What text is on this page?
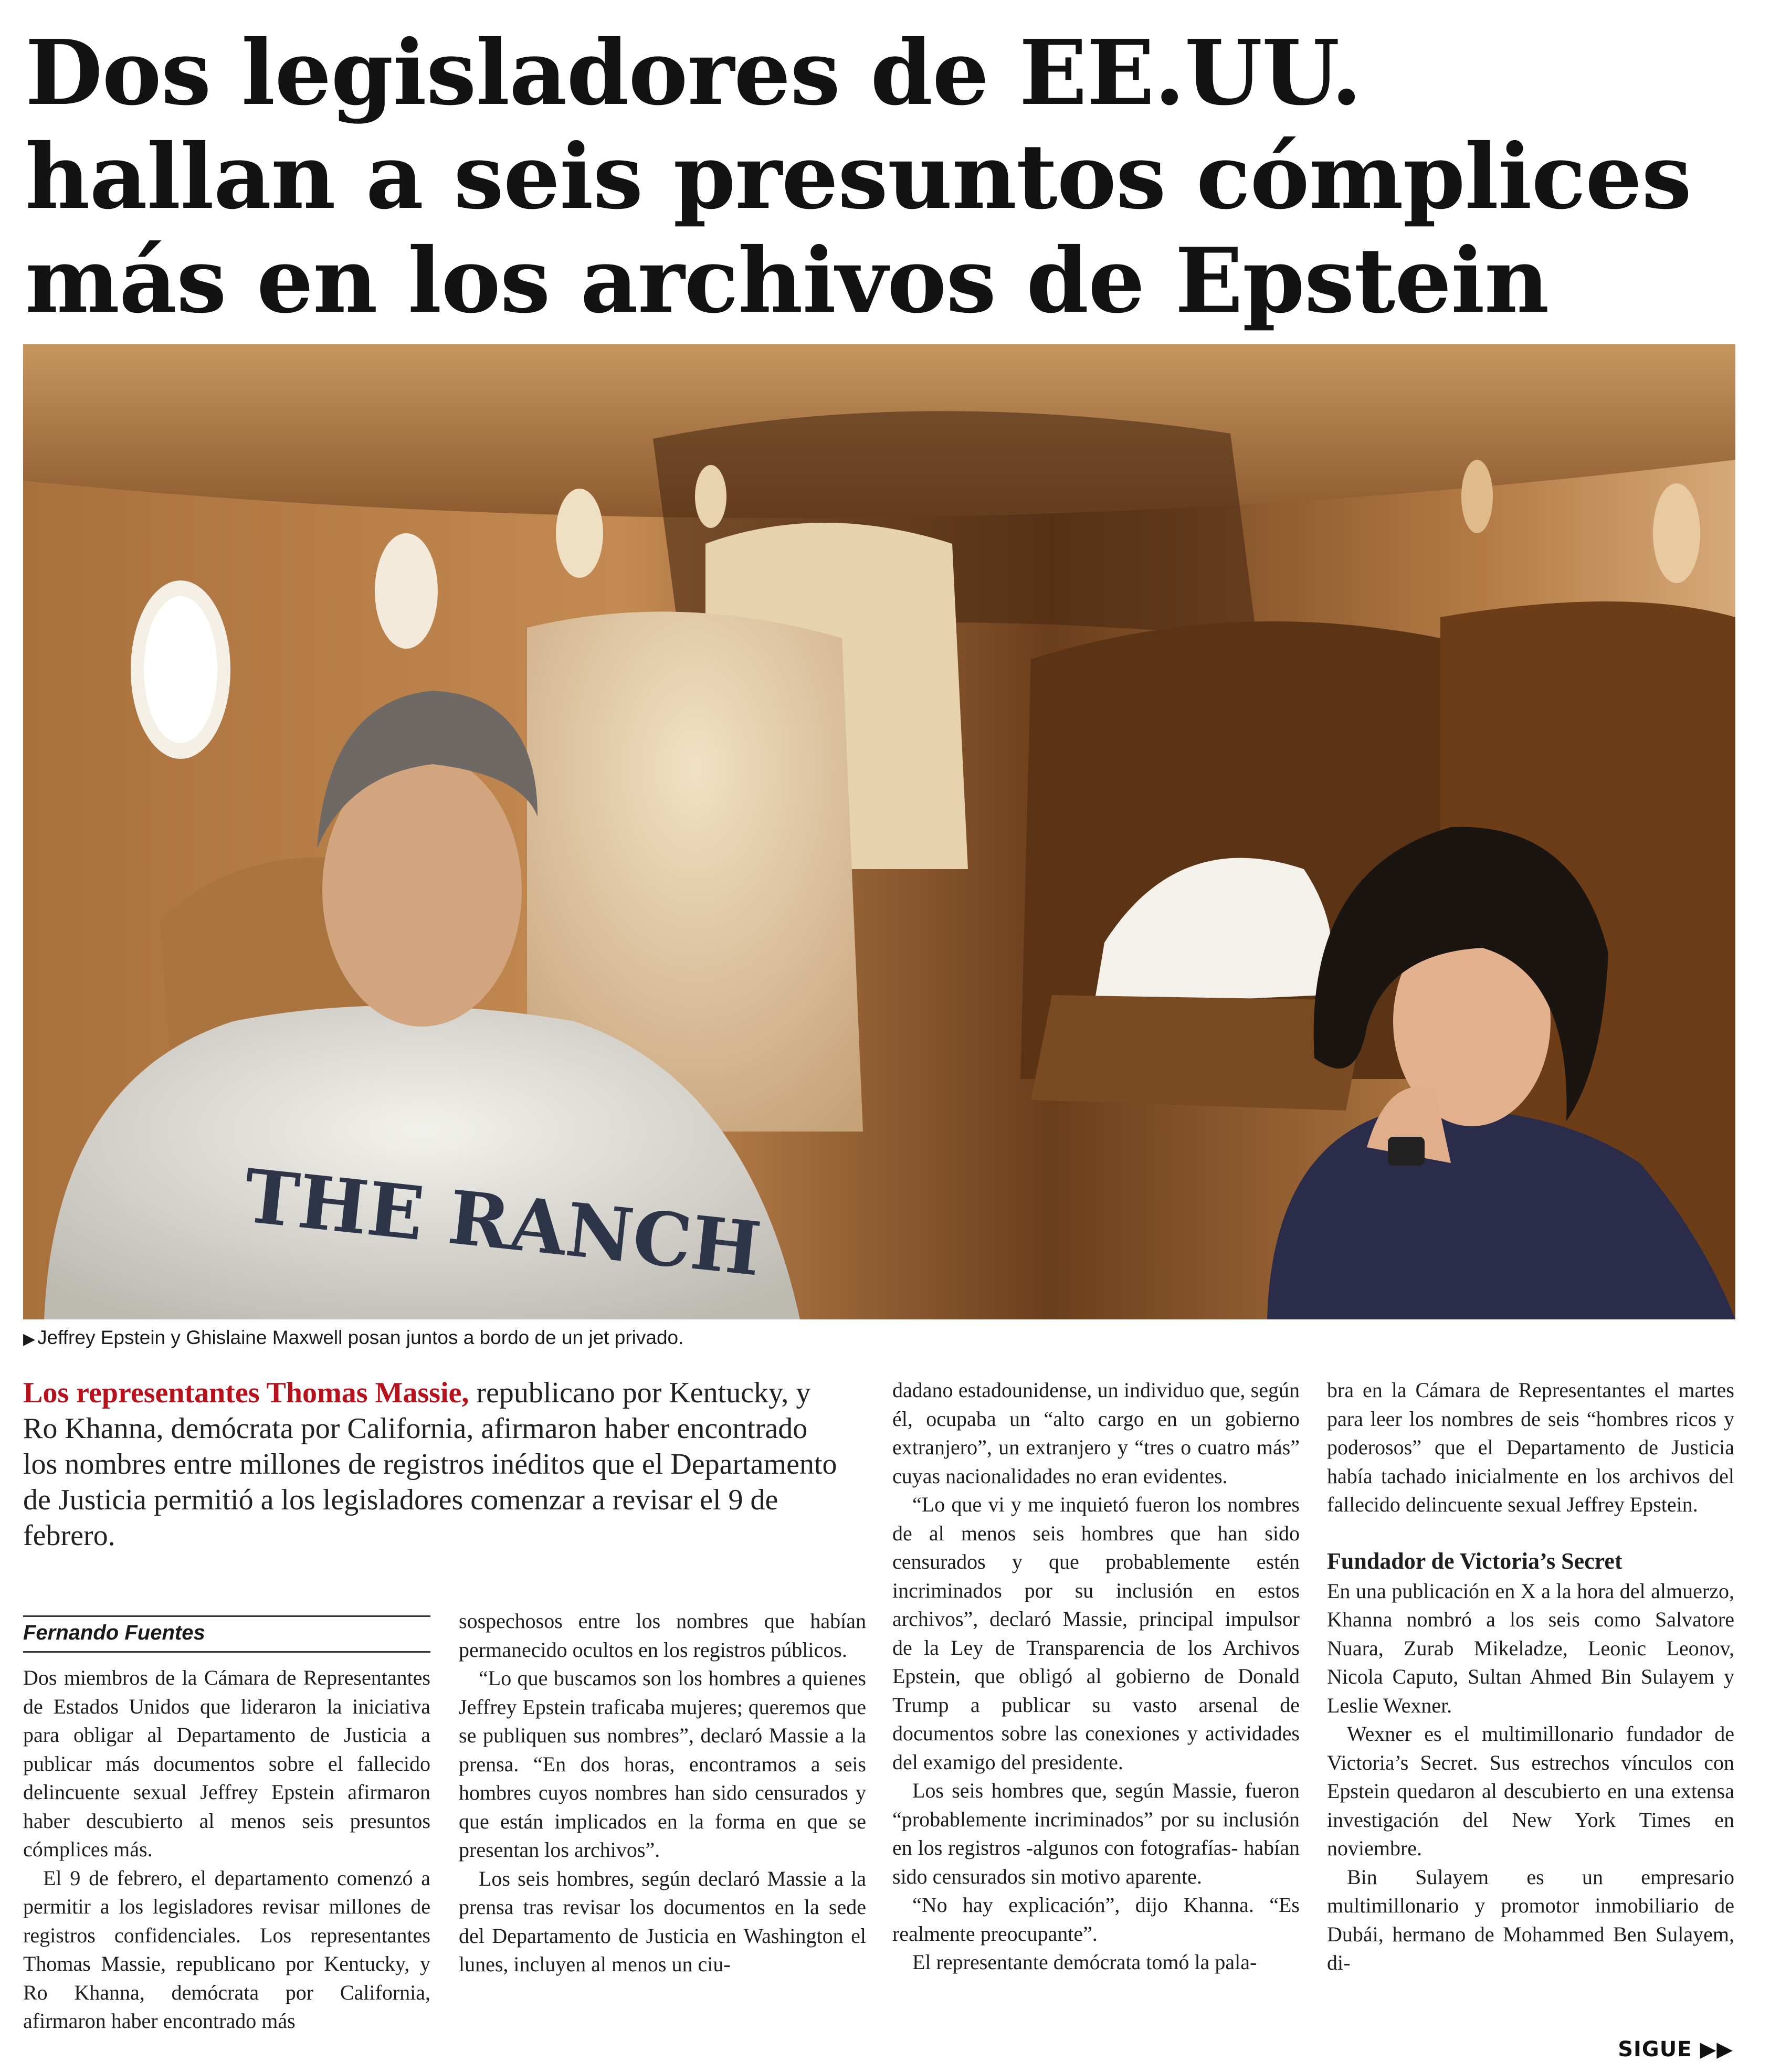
Dos legisladores de EE.UU.
hallan a seis presuntos cómplices
más en los archivos de Epstein
THE RANCH
▶ Jeffrey Epstein y Ghislaine Maxwell posan juntos a bordo de un jet privado.
Los representantes Thomas Massie, republicano por Kentucky, y Ro Khanna, demócrata por California, afirmaron haber encontrado los nombres entre millones de registros inéditos que el Departamento de Justicia permitió a los legisladores comenzar a revisar el 9 de febrero.
Fernando Fuentes

Dos miembros de la Cámara de Representantes de Estados Unidos que lideraron la iniciativa para obligar al Departamento de Justicia a publicar más documentos sobre el fallecido delincuente sexual Jeffrey Epstein afirmaron haber descubierto al menos seis presuntos cómplices más.

El 9 de febrero, el departamento comenzó a permitir a los legisladores revisar millones de registros confidenciales. Los representantes Thomas Massie, republicano por Kentucky, y Ro Khanna, demócrata por California, afirmaron haber encontrado más

sospechosos entre los nombres que habían permanecido ocultos en los registros públicos.

“Lo que buscamos son los hombres a quienes Jeffrey Epstein traficaba mujeres; queremos que se publiquen sus nombres”, declaró Massie a la prensa. “En dos horas, encontramos a seis hombres cuyos nombres han sido censurados y que están implicados en la forma en que se presentan los archivos”.

Los seis hombres, según declaró Massie a la prensa tras revisar los documentos en la sede del Departamento de Justicia en Washington el lunes, incluyen al menos un ciu-

dadano estadounidense, un individuo que, según él, ocupaba un “alto cargo en un gobierno extranjero”, un extranjero y “tres o cuatro más” cuyas nacionalidades no eran evidentes.

“Lo que vi y me inquietó fueron los nombres de al menos seis hombres que han sido censurados y que probablemente estén incriminados por su inclusión en estos archivos”, declaró Massie, principal impulsor de la Ley de Transparencia de los Archivos Epstein, que obligó al gobierno de Donald Trump a publicar su vasto arsenal de documentos sobre las conexiones y actividades del examigo del presidente.

Los seis hombres que, según Massie, fueron “probablemente incriminados” por su inclusión en los registros -algunos con fotografías- habían sido censurados sin motivo aparente.

“No hay explicación”, dijo Khanna. “Es realmente preocupante”.

El representante demócrata tomó la pala-

bra en la Cámara de Representantes el martes para leer los nombres de seis “hombres ricos y poderosos” que el Departamento de Justicia había tachado inicialmente en los archivos del fallecido delincuente sexual Jeffrey Epstein.

Fundador de Victoria’s Secret

En una publicación en X a la hora del almuerzo, Khanna nombró a los seis como Salvatore Nuara, Zurab Mikeladze, Leonic Leonov, Nicola Caputo, Sultan Ahmed Bin Sulayem y Leslie Wexner.

Wexner es el multimillonario fundador de Victoria’s Secret. Sus estrechos vínculos con Epstein quedaron al descubierto en una extensa investigación del New York Times en noviembre.

Bin Sulayem es un empresario multimillonario y promotor inmobiliario de Dubái, hermano de Mohammed Ben Sulayem, di-

SIGUE ▶▶
